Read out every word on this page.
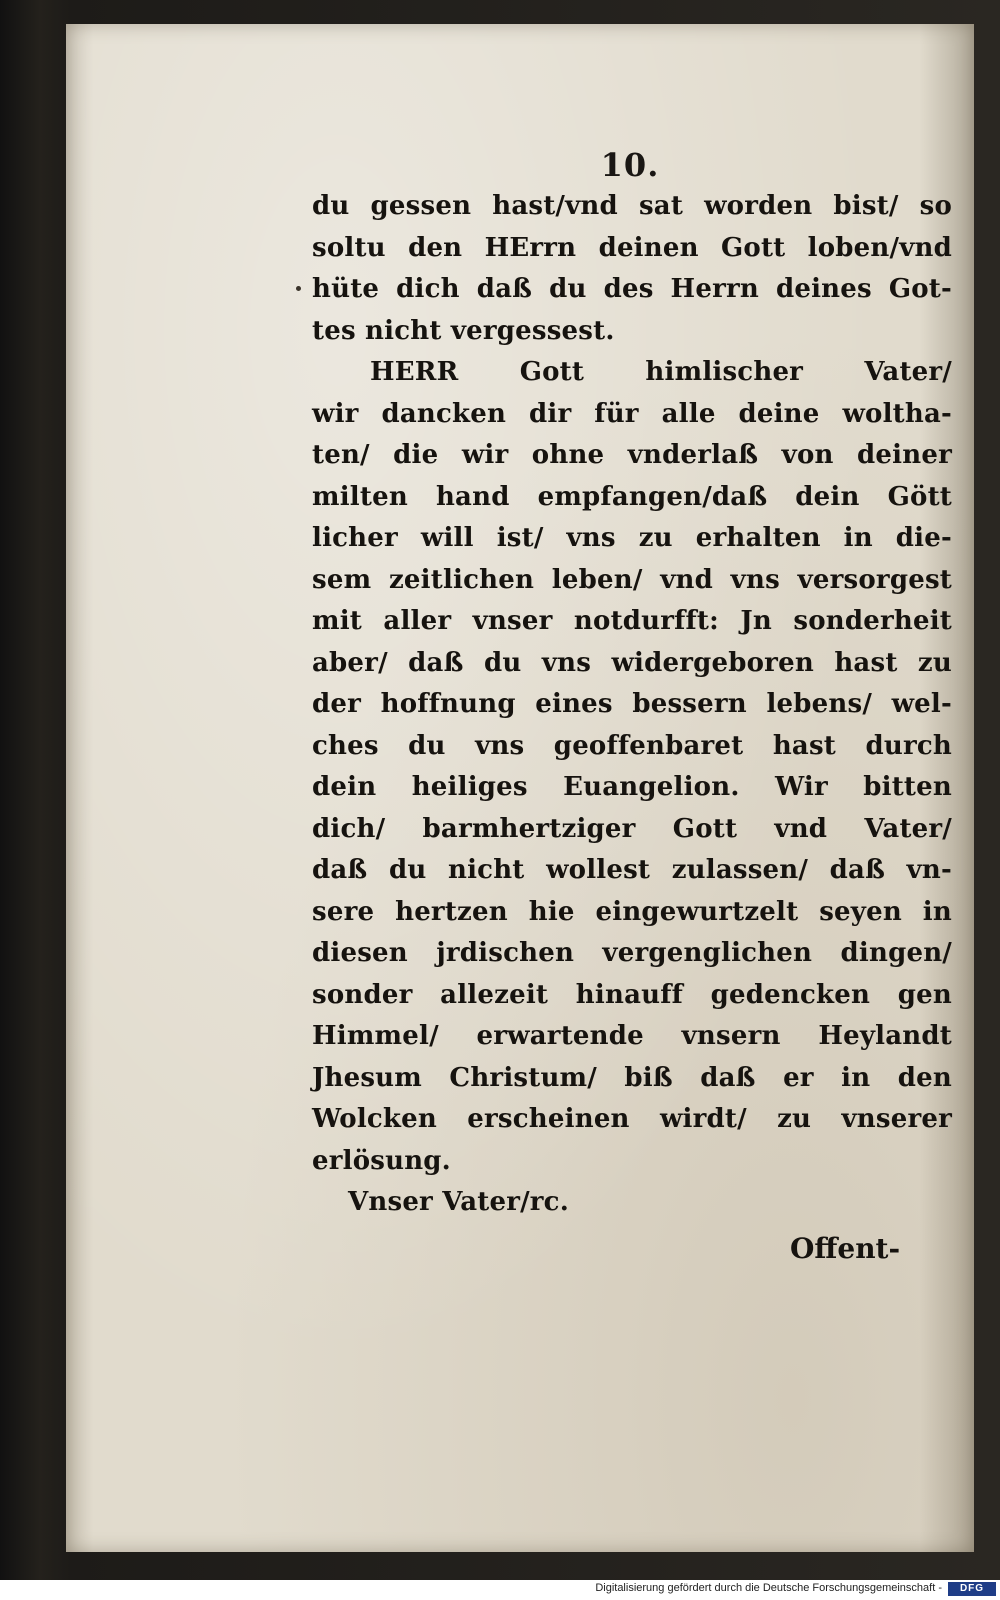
10.
du gessen hast/vnd sat worden bist/ so
soltu den HErrn deinen Gott loben/vnd
hüte dich daß du des Herrn deines Got-
tes nicht vergessest.
HERR Gott himlischer Vater/
wir dancken dir für alle deine woltha-
ten/ die wir ohne vnderlaß von deiner
milten hand empfangen/daß dein Gött
licher will ist/ vns zu erhalten in die-
sem zeitlichen leben/ vnd vns versorgest
mit aller vnser notdurfft: Jn sonderheit
aber/ daß du vns widergeboren hast zu
der hoffnung eines bessern lebens/ wel-
ches du vns geoffenbaret hast durch
dein heiliges Euangelion. Wir bitten
dich/ barmhertziger Gott vnd Vater/
daß du nicht wollest zulassen/ daß vn-
sere hertzen hie eingewurtzelt seyen in
diesen jrdischen vergenglichen dingen/
sonder allezeit hinauff gedencken gen
Himmel/ erwartende vnsern Heylandt
Jhesum Christum/ biß daß er in den
Wolcken erscheinen wirdt/ zu vnserer
erlösung.
Vnser Vater/rc.
Offent-
Digitalisierung gefördert durch die Deutsche Forschungsgemeinschaft -	DFG
